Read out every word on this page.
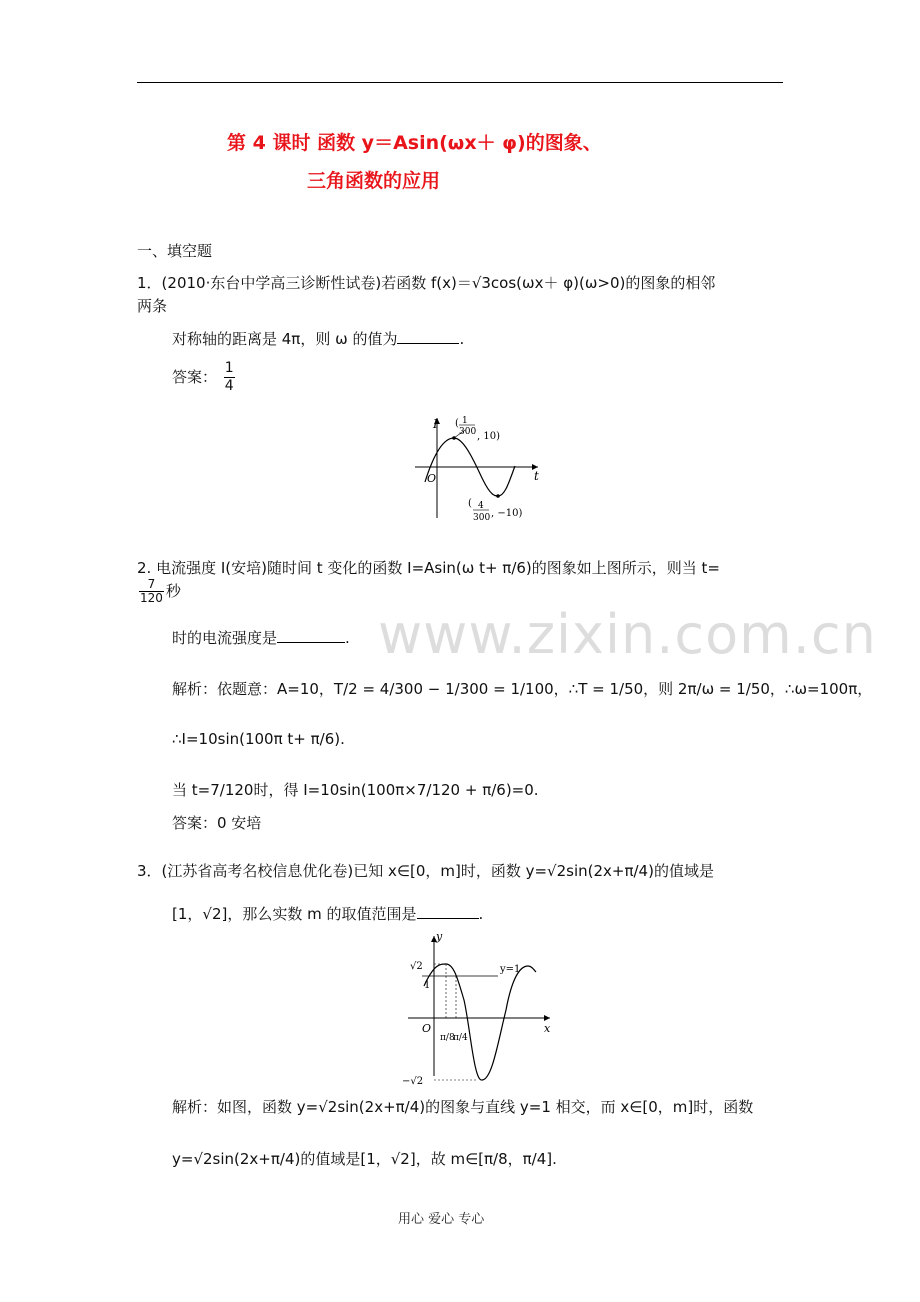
第 4 课时 函数 y＝Asin(ωx＋ φ)的图象、
三角函数的应用
一、填空题
1．(2010·东台中学高三诊断性试卷)若函数 f(x)＝√3cos(ωx＋ φ)(ω>0)的图象的相邻
两条
对称轴的距离是 4π，则 ω 的值为	.
答案： $\frac{1}{4}$
I
t
O
( 1
300 , 10)
( 4
300 , −10)
2. 电流强度 I(安培)随时间 t 变化的函数 I=Asin(ω t+ π/6)的图象如上图所示，则当 t=
$\frac{7}{120}$ 秒
时的电流强度是	.
解析：依题意：A=10，T/2 = 4/300 − 1/300 = 1/100，∴T = 1/50，则 2π/ω = 1/50，∴ω=100π，
∴I=10sin(100π t+ π/6).
当 t=7/120时，得 I=10sin(100π×7/120 + π/6)=0.
答案：0 安培
3．(江苏省高考名校信息优化卷)已知 x∈[0，m]时，函数 y=√2sin(2x+π/4)的值域是
[1，√2]，那么实数 m 的取值范围是	.
y
x
O
√2
1
−√2
y=1
π/8
π/4
解析：如图，函数 y=√2sin(2x+π/4)的图象与直线 y=1 相交，而 x∈[0，m]时，函数
y=√2sin(2x+π/4)的值域是[1，√2]，故 m∈[π/8，π/4].
www.zixin.com.cn
用心 爱心 专心
